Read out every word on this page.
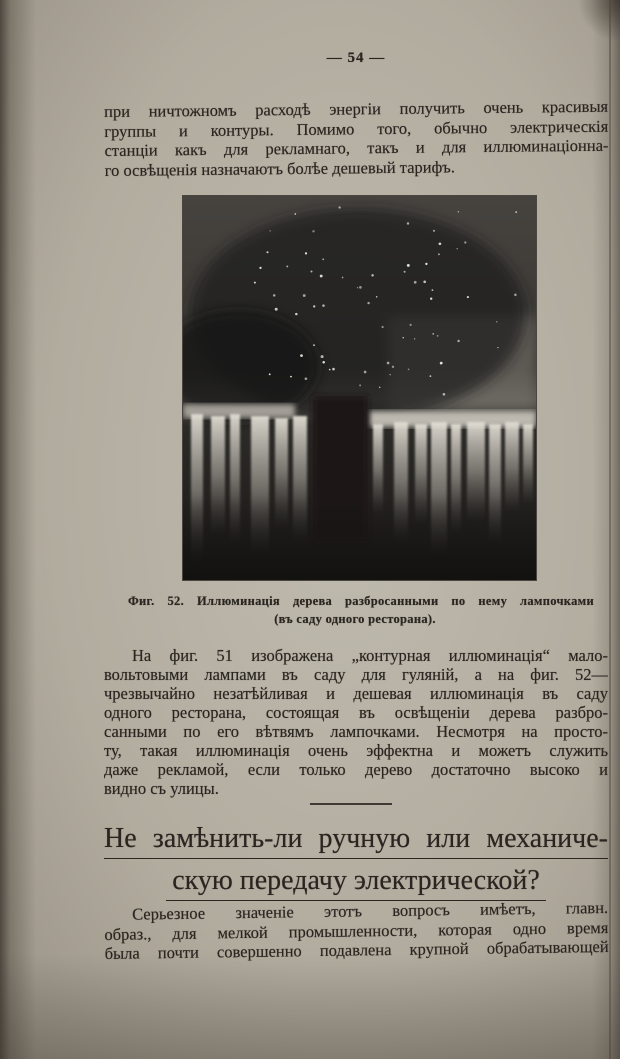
— 54 —
при ничтожномъ расходѣ энергіи получить очень красивыя
группы и контуры. Помимо того, обычно электрическія
станціи какъ для рекламнаго, такъ и для иллюминаціонна-
го освѣщенія назначаютъ болѣе дешевый тарифъ.
Фиг. 52. Иллюминація дерева разбросанными по нему лампочками
(въ саду одного ресторана).
На фиг. 51 изображена „контурная иллюминація“ мало-
вольтовыми лампами въ саду для гуляній, а на фиг. 52—
чрезвычайно незатѣйливая и дешевая иллюминація въ саду
одного ресторана, состоящая въ освѣщеніи дерева разбро-
санными по его вѣтвямъ лампочками. Несмотря на просто-
ту, такая иллюминація очень эффектна и можетъ служить
даже рекламой, если только дерево достаточно высоко и
видно съ улицы.
Не замѣнить-ли ручную или механиче-
скую передачу электрической?
Серьезное значеніе этотъ вопросъ имѣетъ, главн.
образ., для мелкой промышленности, которая одно время
была почти совершенно подавлена крупной обрабатывающей
